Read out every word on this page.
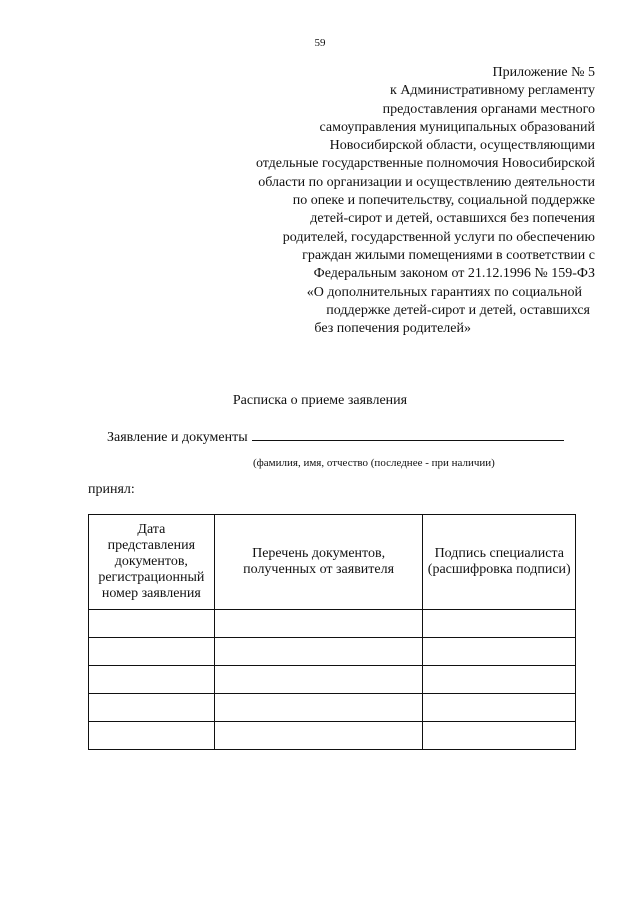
59
Приложение № 5
к Административному регламенту
предоставления органами местного
самоуправления муниципальных образований
Новосибирской области, осуществляющими
отдельные государственные полномочия Новосибирской
области по организации и осуществлению деятельности
по опеке и попечительству, социальной поддержке
детей-сирот и детей, оставшихся без попечения
родителей, государственной услуги по обеспечению
граждан жилыми помещениями в соответствии с
Федеральным законом от 21.12.1996 № 159-ФЗ
«О дополнительных гарантиях по социальной
поддержке детей-сирот и детей, оставшихся
без попечения родителей»
Расписка о приеме заявления
Заявление и документы
(фамилия, имя, отчество (последнее - при наличии)
принял:
Дата представления документов, регистрационный номер заявления	Перечень документов, полученных от заявителя	Подпись специалиста (расшифровка подписи)
